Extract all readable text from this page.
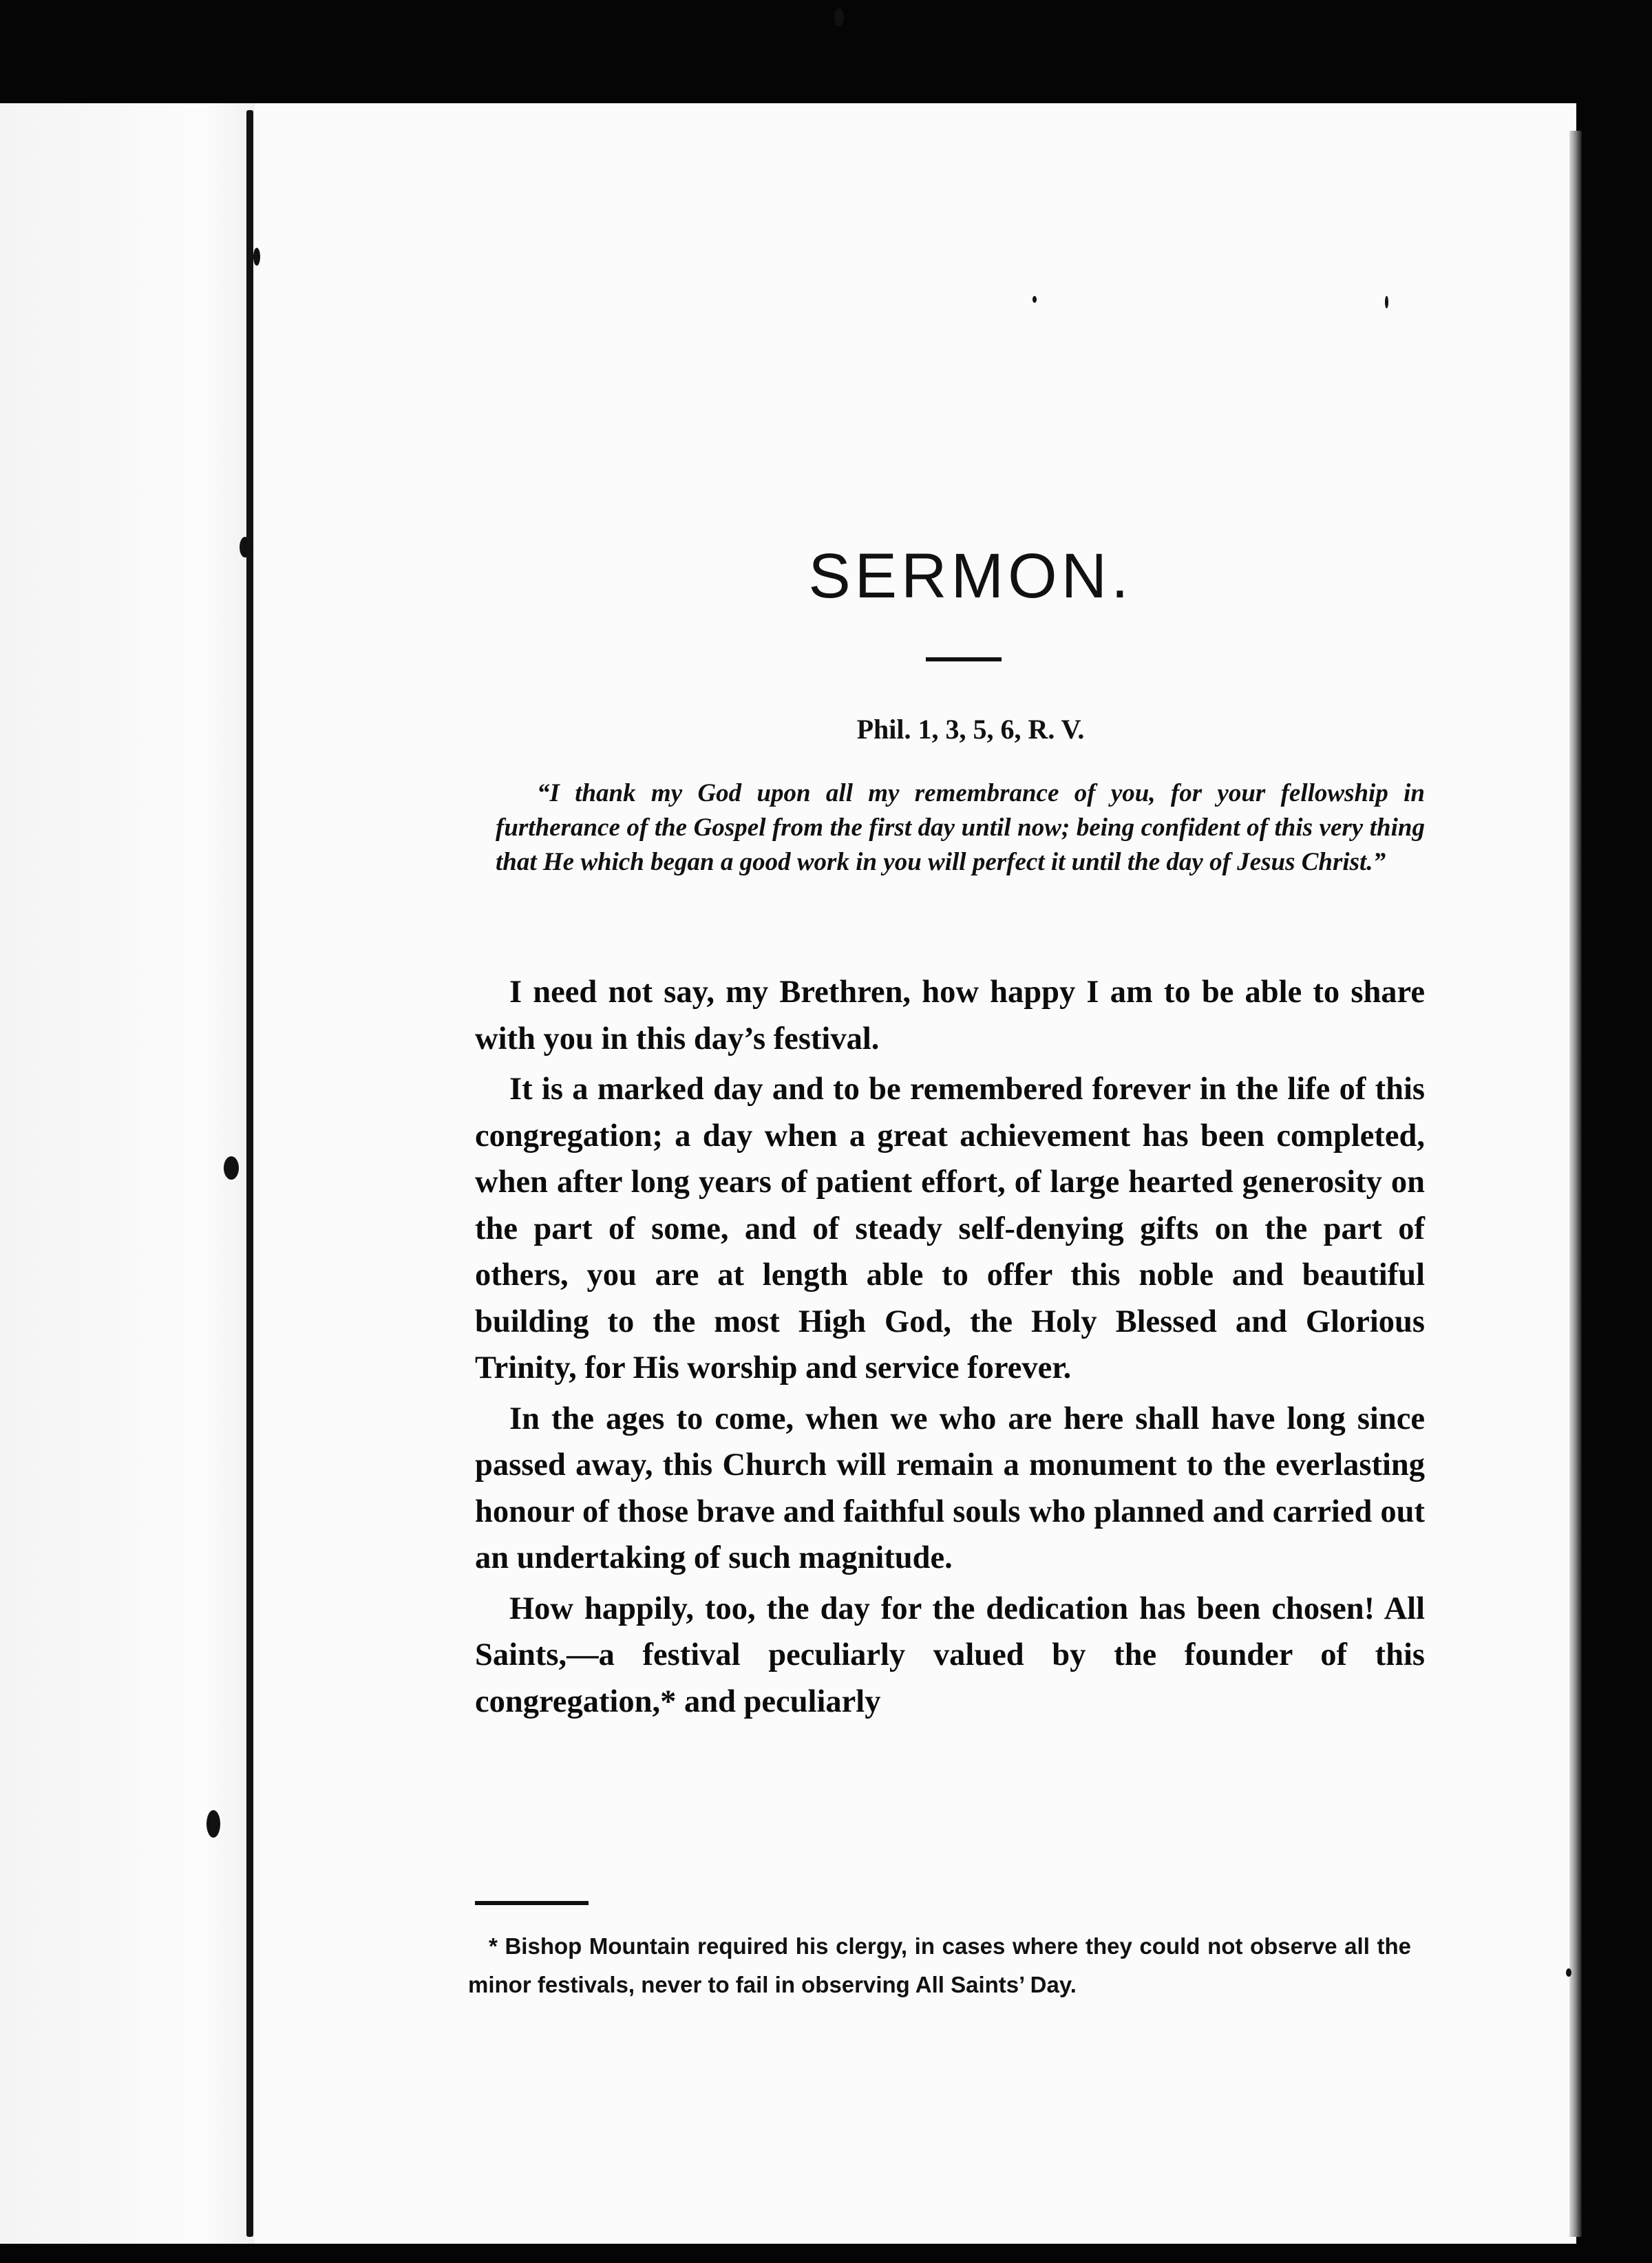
SERMON.

Phil. 1, 3, 5, 6, R. V.

“I thank my God upon all my remembrance of you, for your fellowship in furtherance of the Gospel from the first day until now; being confident of this very thing that He which began a good work in you will perfect it until the day of Jesus Christ.”

I need not say, my Brethren, how happy I am to be able to share with you in this day’s festival.

It is a marked day and to be remembered forever in the life of this congregation; a day when a great achievement has been completed, when after long years of patient effort, of large hearted generosity on the part of some, and of steady self-denying gifts on the part of others, you are at length able to offer this noble and beautiful building to the most High God, the Holy Blessed and Glorious Trinity, for His worship and service forever.

In the ages to come, when we who are here shall have long since passed away, this Church will remain a monument to the everlasting honour of those brave and faithful souls who planned and carried out an undertaking of such magnitude.

How happily, too, the day for the dedication has been chosen! All Saints,—a festival peculiarly valued by the founder of this congregation,* and peculiarly

* Bishop Mountain required his clergy, in cases where they could not observe all the minor festivals, never to fail in observing All Saints’ Day.
